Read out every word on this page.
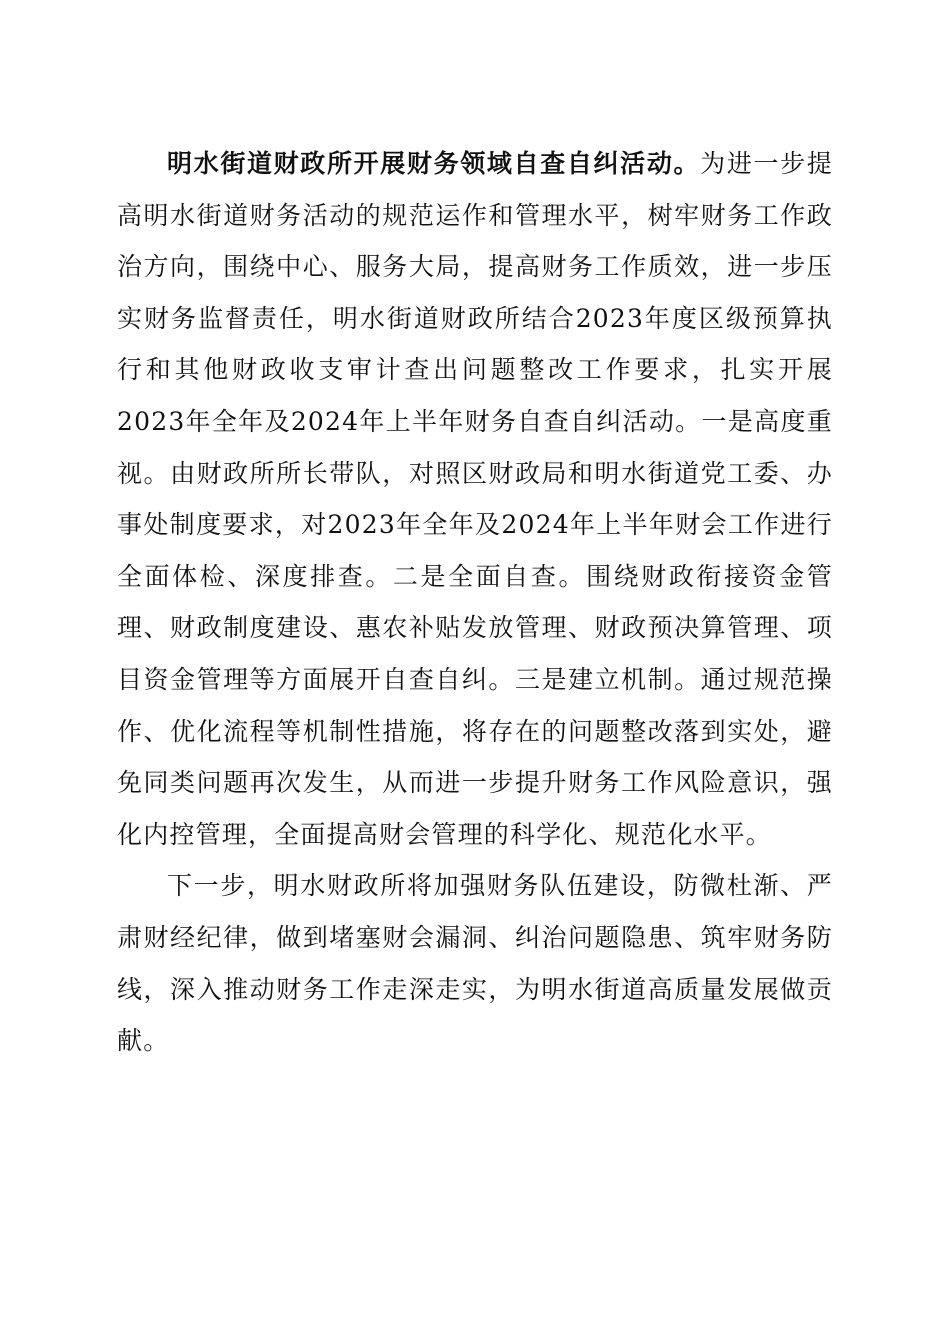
明水街道财政所开展财务领域自查自纠活动。为进一步提高明水街道财务活动的规范运作和管理水平，树牢财务工作政治方向，围绕中心、服务大局，提高财务工作质效，进一步压实财务监督责任，明水街道财政所结合2023年度区级预算执行和其他财政收支审计查出问题整改工作要求，扎实开展2023年全年及2024年上半年财务自查自纠活动。一是高度重视。由财政所所长带队，对照区财政局和明水街道党工委、办事处制度要求，对2023年全年及2024年上半年财会工作进行全面体检、深度排查。二是全面自查。围绕财政衔接资金管理、财政制度建设、惠农补贴发放管理、财政预决算管理、项目资金管理等方面展开自查自纠。三是建立机制。通过规范操作、优化流程等机制性措施，将存在的问题整改落到实处，避免同类问题再次发生，从而进一步提升财务工作风险意识，强化内控管理，全面提高财会管理的科学化、规范化水平。

下一步，明水财政所将加强财务队伍建设，防微杜渐、严肃财经纪律，做到堵塞财会漏洞、纠治问题隐患、筑牢财务防线，深入推动财务工作走深走实，为明水街道高质量发展做贡献。
